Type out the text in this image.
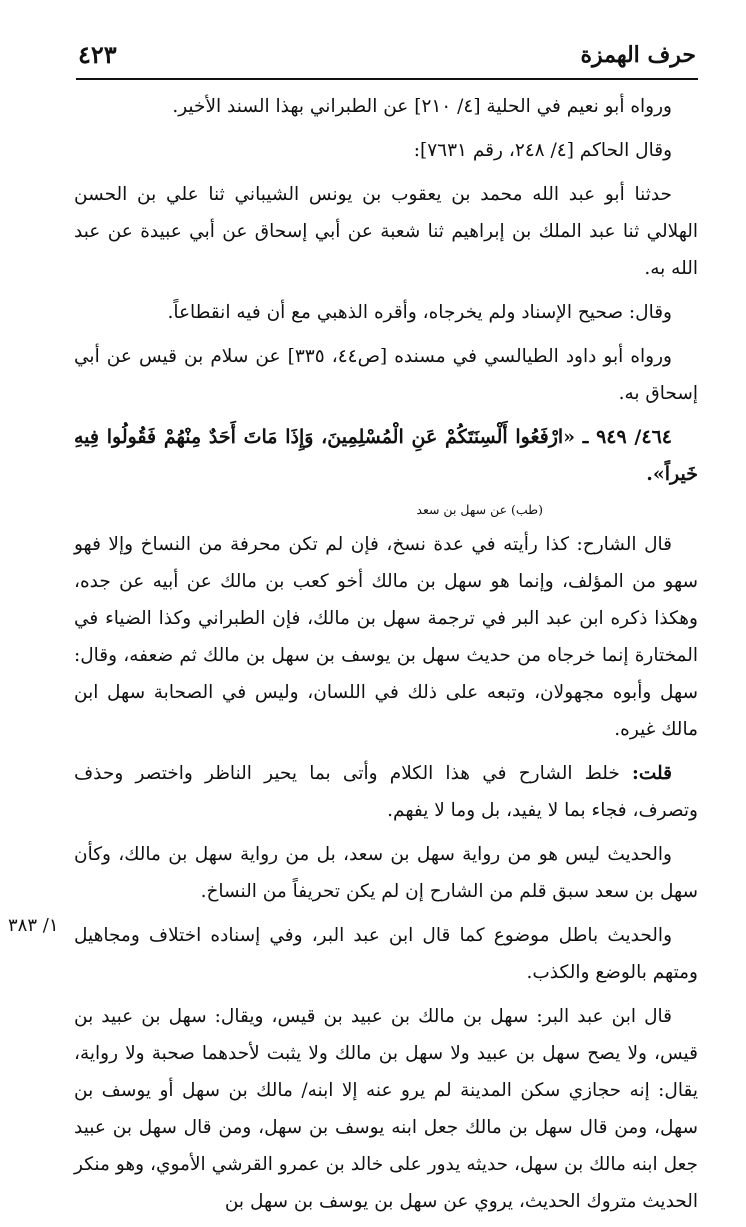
حرف الهمزة
٤٢٣

ورواه أبو نعيم في الحلية [٤/ ٢١٠] عن الطبراني بهذا السند الأخير.

وقال الحاكم [٤/ ٢٤٨، رقم ٧٦٣١]:

حدثنا أبو عبد الله محمد بن يعقوب بن يونس الشيباني ثنا علي بن الحسن الهلالي ثنا عبد الملك بن إبراهيم ثنا شعبة عن أبي إسحاق عن أبي عبيدة عن عبد الله به.

وقال: صحيح الإسناد ولم يخرجاه، وأقره الذهبي مع أن فيه انقطاعاً.

ورواه أبو داود الطيالسي في مسنده [ص٤٤، ٣٣٥] عن سلام بن قيس عن أبي إسحاق به.

٤٦٤/ ٩٤٩ ـ «ارْفَعُوا أَلْسِنَتَكُمْ عَنِ الْمُسْلِمِينَ، وَإِذَا مَاتَ أَحَدٌ مِنْهُمْ فَقُولُوا فِيهِ خَيراً».

(طب) عن سهل بن سعد

قال الشارح: كذا رأيته في عدة نسخ، فإن لم تكن محرفة من النساخ وإلا فهو سهو من المؤلف، وإنما هو سهل بن مالك أخو كعب بن مالك عن أبيه عن جده، وهكذا ذكره ابن عبد البر في ترجمة سهل بن مالك، فإن الطبراني وكذا الضياء في المختارة إنما خرجاه من حديث سهل بن يوسف بن سهل بن مالك ثم ضعفه، وقال: سهل وأبوه مجهولان، وتبعه على ذلك في اللسان، وليس في الصحابة سهل ابن مالك غيره.

قلت: خلط الشارح في هذا الكلام وأتى بما يحير الناظر واختصر وحذف وتصرف، فجاء بما لا يفيد، بل وما لا يفهم.

والحديث ليس هو من رواية سهل بن سعد، بل من رواية سهل بن مالك، وكأن سهل بن سعد سبق قلم من الشارح إن لم يكن تحريفاً من النساخ.

والحديث باطل موضوع كما قال ابن عبد البر، وفي إسناده اختلاف ومجاهيل ومتهم بالوضع والكذب.

قال ابن عبد البر: سهل بن مالك بن عبيد بن قيس، ويقال: سهل بن عبيد بن قيس، ولا يصح سهل بن عبيد ولا سهل بن مالك ولا يثبت لأحدهما صحبة ولا رواية، يقال: إنه حجازي سكن المدينة لم يرو عنه إلا ابنه/ مالك بن سهل أو يوسف بن سهل، ومن قال سهل بن مالك جعل ابنه يوسف بن سهل، ومن قال سهل بن عبيد جعل ابنه مالك بن سهل، حديثه يدور على خالد بن عمرو القرشي الأموي، وهو منكر الحديث متروك الحديث، يروي عن سهل بن يوسف بن سهل بن

١/ ٣٨٣
